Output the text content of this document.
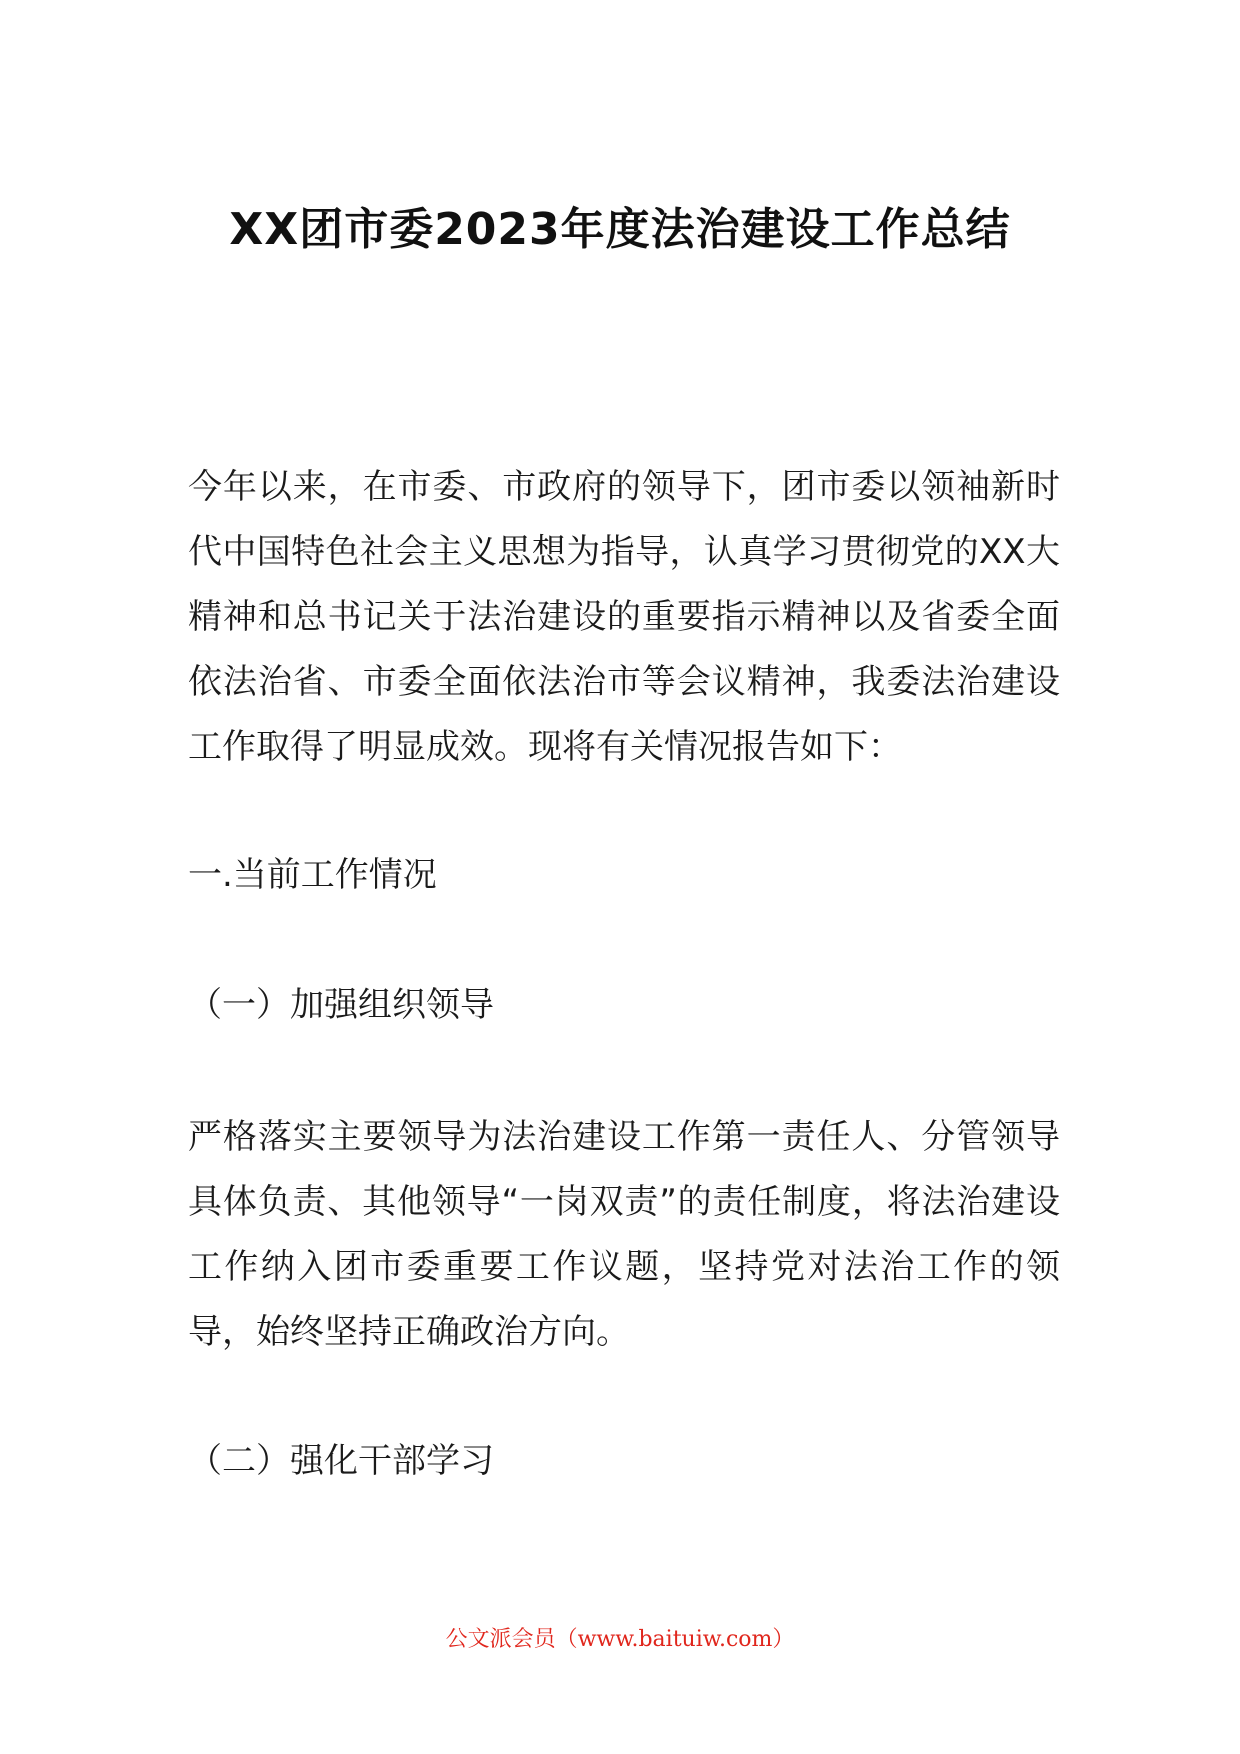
XX团市委2023年度法治建设工作总结
今年以来，在市委、市政府的领导下，团市委以领袖新时代中国特色社会主义思想为指导，认真学习贯彻党的XX大精神和总书记关于法治建设的重要指示精神以及省委全面依法治省、市委全面依法治市等会议精神，我委法治建设工作取得了明显成效。现将有关情况报告如下：
一.当前工作情况
（一）加强组织领导
严格落实主要领导为法治建设工作第一责任人、分管领导具体负责、其他领导“一岗双责”的责任制度，将法治建设工作纳入团市委重要工作议题，坚持党对法治工作的领导，始终坚持正确政治方向。
（二）强化干部学习
公文派会员（www.baituiw.com）
